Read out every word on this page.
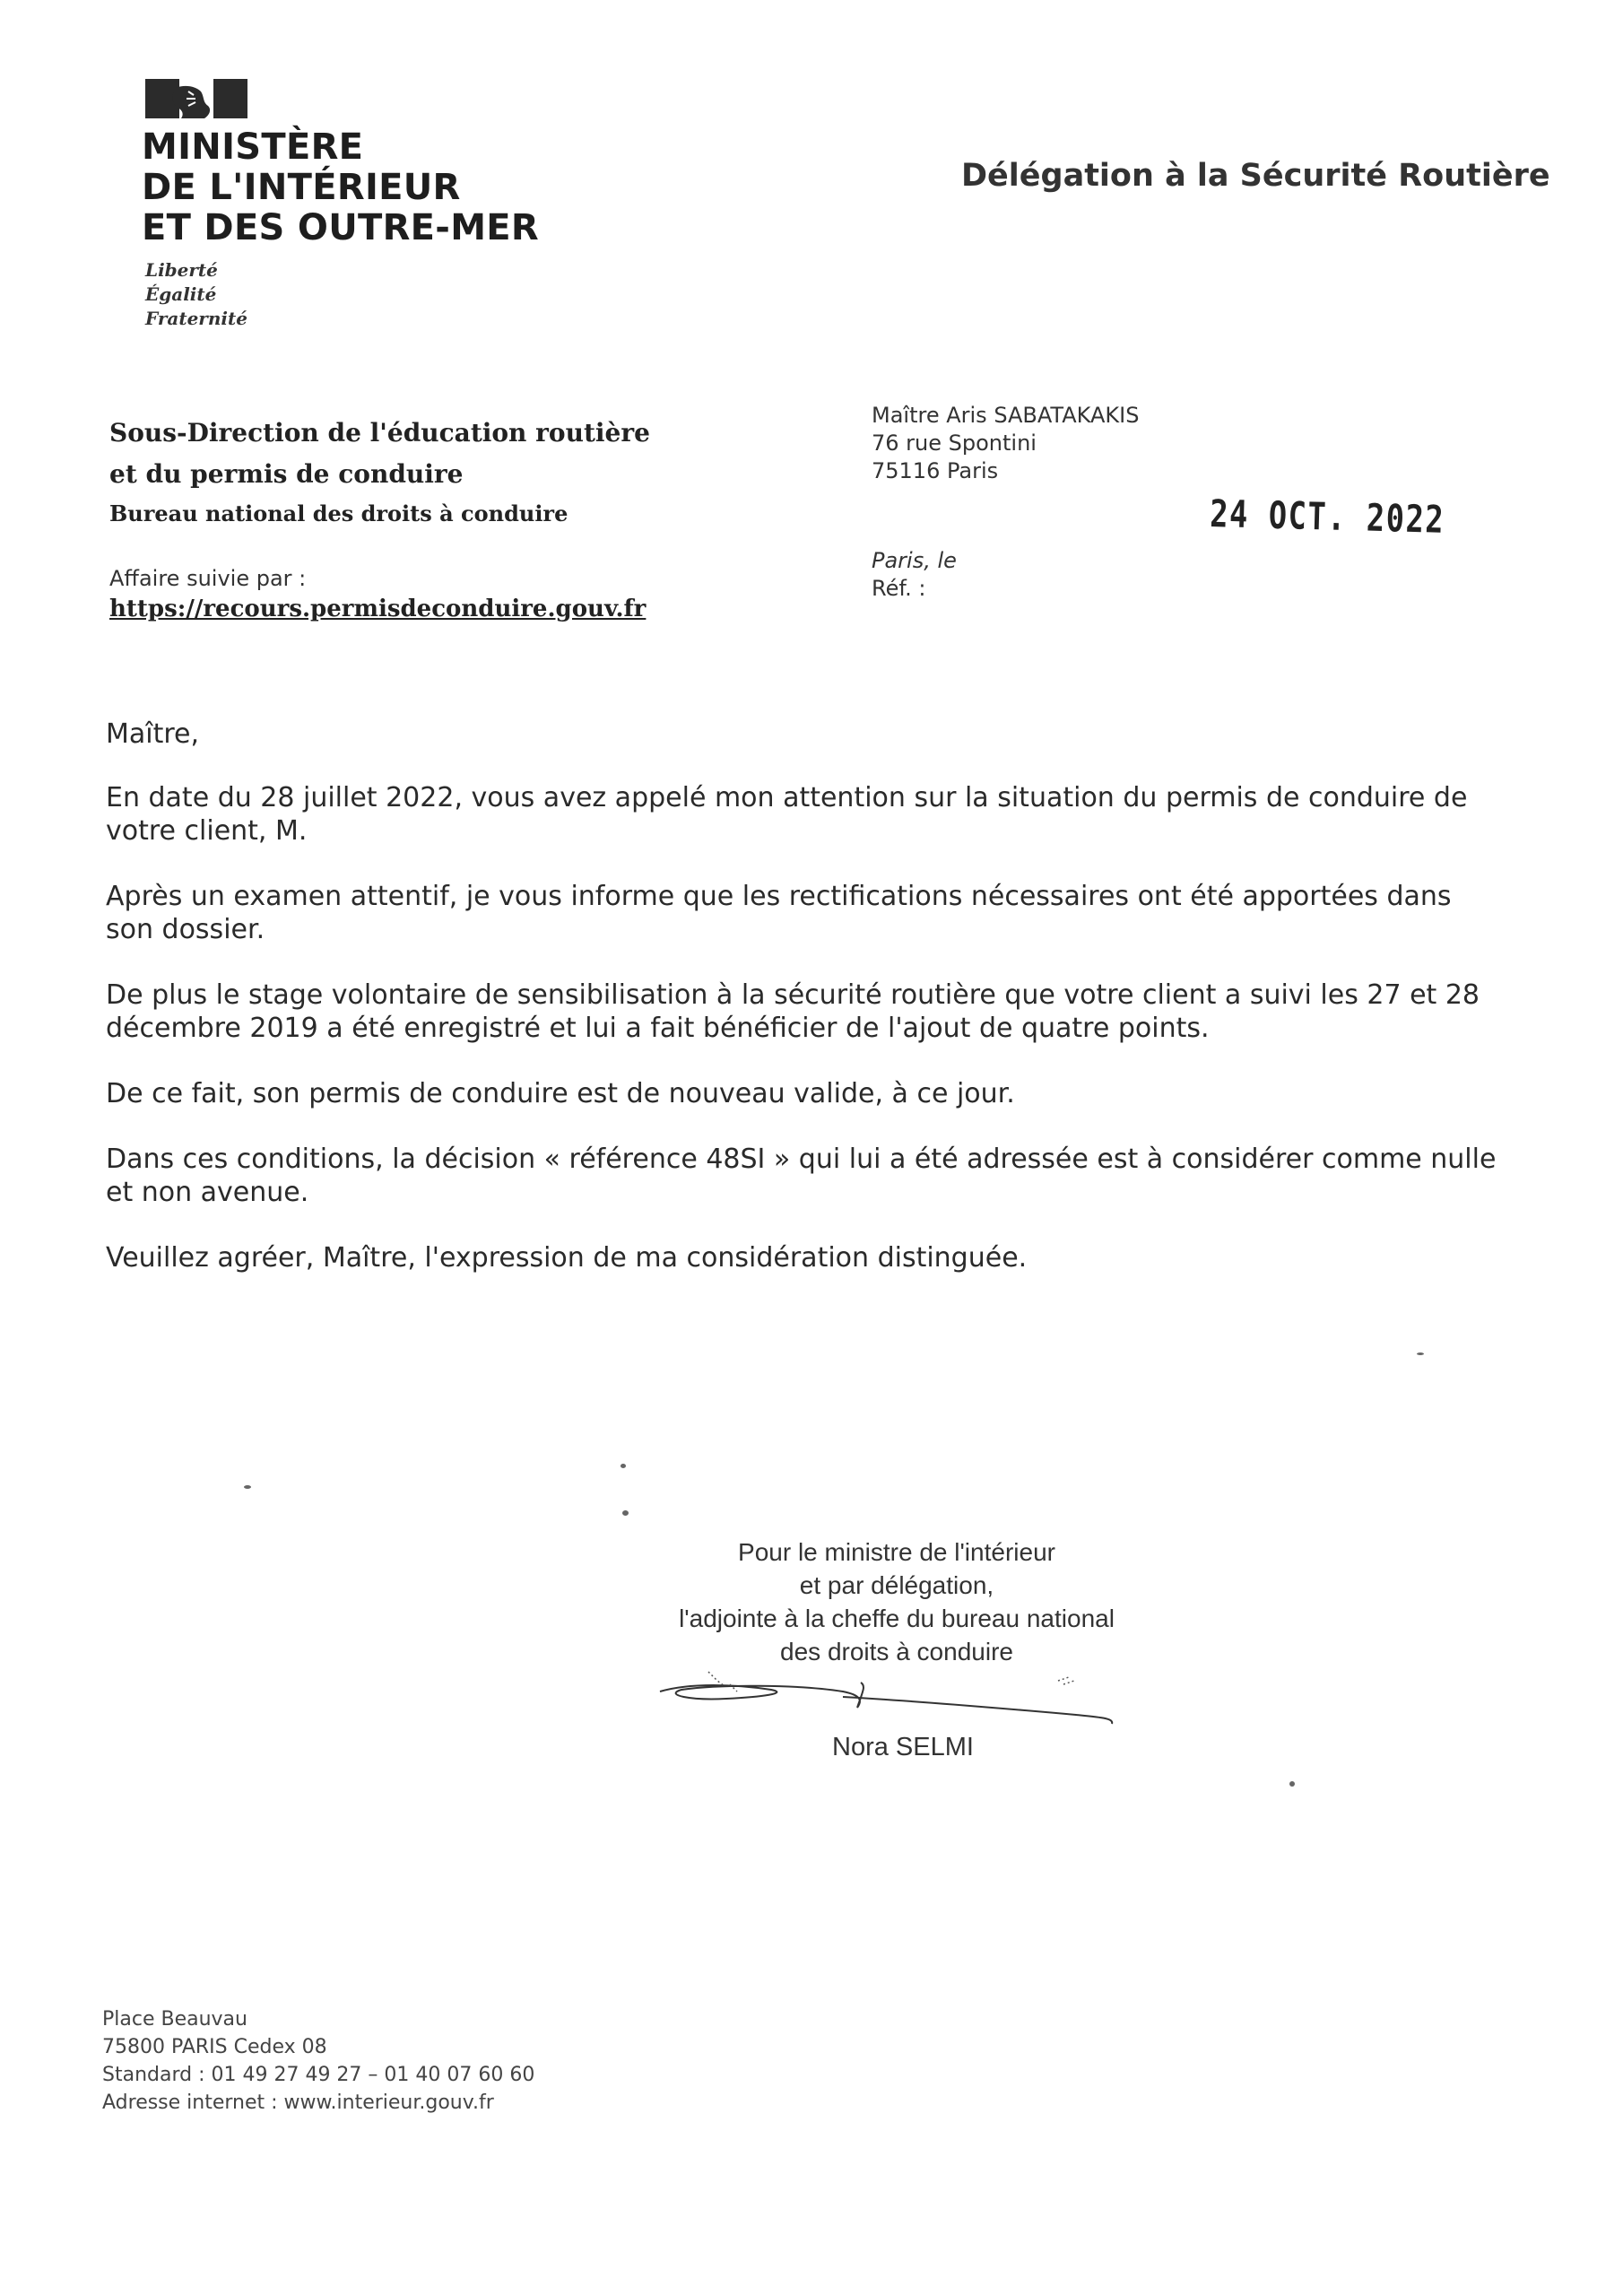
MINISTÈRE
DE L'INTÉRIEUR
ET DES OUTRE-MER
Liberté
Égalité
Fraternité
Délégation à la Sécurité Routière
Sous-Direction de l'éducation routière
et du permis de conduire
Bureau national des droits à conduire
Affaire suivie par :
https://recours.permisdeconduire.gouv.fr
Maître Aris SABATAKAKIS
76 rue Spontini
75116 Paris
24 OCT. 2022
Paris, le
Réf. :

Maître,

En date du 28 juillet 2022, vous avez appelé mon attention sur la situation du permis de conduire de votre client, M.

Après un examen attentif, je vous informe que les rectifications nécessaires ont été apportées dans son dossier.

De plus le stage volontaire de sensibilisation à la sécurité routière que votre client a suivi les 27 et 28 décembre 2019 a été enregistré et lui a fait bénéficier de l'ajout de quatre points.

De ce fait, son permis de conduire est de nouveau valide, à ce jour.

Dans ces conditions, la décision « référence 48SI » qui lui a été adressée est à considérer comme nulle et non avenue.

Veuillez agréer, Maître, l'expression de ma considération distinguée.

Pour le ministre de l'intérieur
et par délégation,
l'adjointe à la cheffe du bureau national
des droits à conduire
Nora SELMI
Place Beauvau
75800 PARIS Cedex 08
Standard : 01 49 27 49 27 – 01 40 07 60 60
Adresse internet : www.interieur.gouv.fr
